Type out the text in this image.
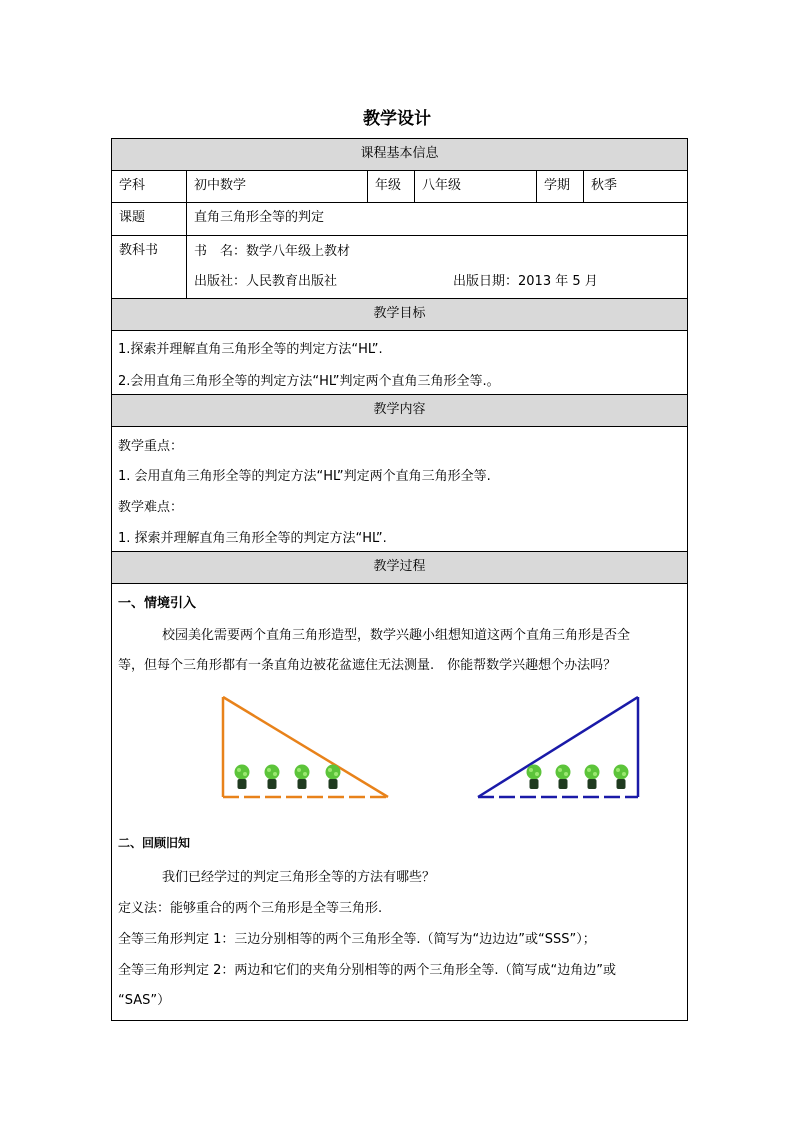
教学设计
课程基本信息
学科	初中数学	年级	八年级	学期	秋季
课题	直角三角形全等的判定
教科书	书　名：数学八年级上教材
出版社：人民教育出版社	出版日期：2013 年 5 月
教学目标
1.探索并理解直角三角形全等的判定方法“HL”.
2.会用直角三角形全等的判定方法“HL”判定两个直角三角形全等.。
教学内容
教学重点：
1. 会用直角三角形全等的判定方法“HL”判定两个直角三角形全等.
教学难点：
1. 探索并理解直角三角形全等的判定方法“HL”.
教学过程
一、情境引入
校园美化需要两个直角三角形造型，数学兴趣小组想知道这两个直角三角形是否全
等，但每个三角形都有一条直角边被花盆遮住无法测量.　你能帮数学兴趣想个办法吗？
二、回顾旧知
我们已经学过的判定三角形全等的方法有哪些？
定义法：能够重合的两个三角形是全等三角形.
全等三角形判定 1：三边分别相等的两个三角形全等.（简写为“边边边”或“SSS”）；
全等三角形判定 2：两边和它们的夹角分别相等的两个三角形全等.（简写成“边角边”或
“SAS”）
